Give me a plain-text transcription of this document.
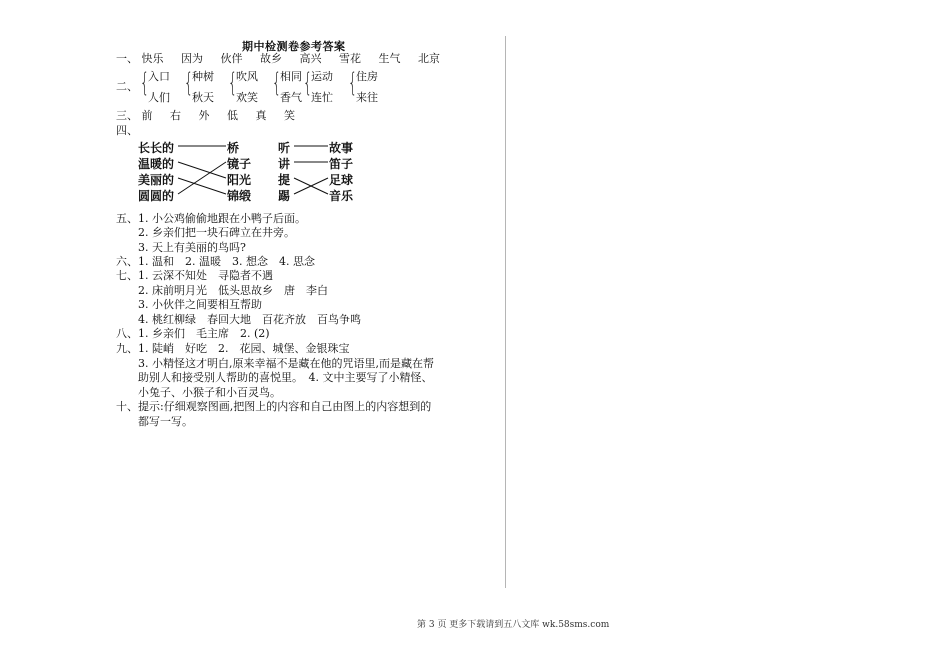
期中检测卷参考答案
一、 快乐 因为 伙伴 故乡 高兴 雪花 生气 北京
二、 {
入口
人们 {
种树
秋天 {
吹风
欢笑 {
相同
香气 {
运动
连忙 {
住房
来往
三、 前 右 外 低 真 笑
四、
长长的
温暖的
美丽的
圆圆的
桥
镜子
阳光
锦缎
听
讲
提
踢
故事
笛子
足球
音乐
五、 1. 小公鸡偷偷地跟在小鸭子后面。
2. 乡亲们把一块石碑立在井旁。
3. 天上有美丽的鸟吗?
六、 1. 温和　2. 温暖　3. 想念　4. 思念
七、 1. 云深不知处　寻隐者不遇
2. 床前明月光　低头思故乡　唐　李白
3. 小伙伴之间要相互帮助
4. 桃红柳绿　春回大地　百花齐放　百鸟争鸣
八、 1. 乡亲们　毛主席　2. (2)
九、 1. 陡峭　好吃　2.　花园、城堡、金银珠宝
3. 小精怪这才明白,原来幸福不是藏在他的咒语里,而是藏在帮
助别人和接受别人帮助的喜悦里。　4. 文中主要写了小精怪、
小兔子、小猴子和小百灵鸟。
十、 提示:仔细观察图画,把图上的内容和自己由图上的内容想到的
都写一写。
第 3 页 更多下载请到五八文库 wk.58sms.com
